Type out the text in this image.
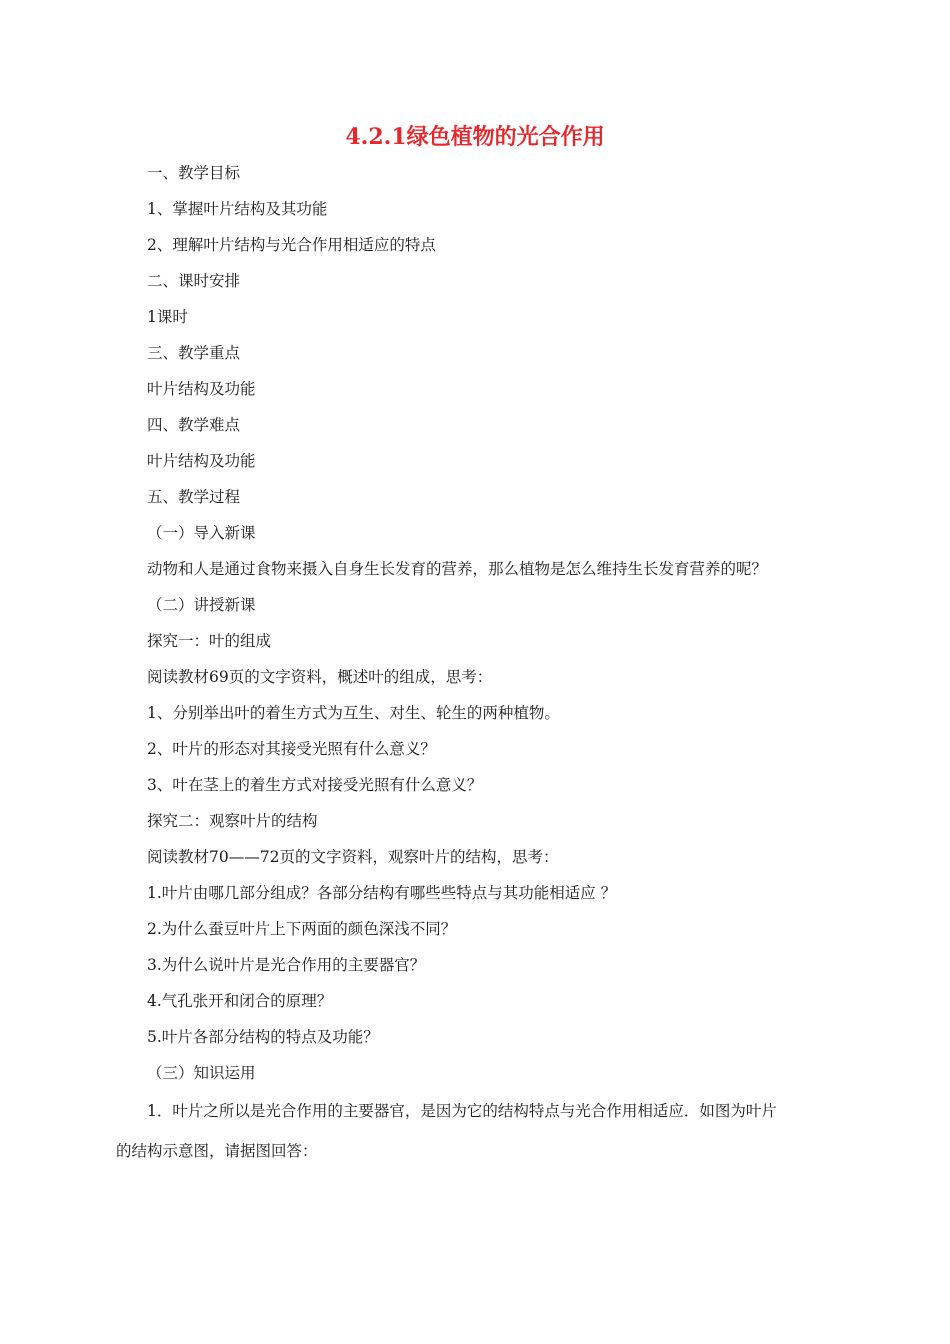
4.2.1绿色植物的光合作用
一、教学目标
1、掌握叶片结构及其功能
2、理解叶片结构与光合作用相适应的特点
二、课时安排
1课时
三、教学重点
叶片结构及功能
四、教学难点
叶片结构及功能
五、教学过程
（一）导入新课
动物和人是通过食物来摄入自身生长发育的营养，那么植物是怎么维持生长发育营养的呢？
（二）讲授新课
探究一：叶的组成
阅读教材69页的文字资料，概述叶的组成，思考：
1、分别举出叶的着生方式为互生、对生、轮生的两种植物。
2、叶片的形态对其接受光照有什么意义？
3、叶在茎上的着生方式对接受光照有什么意义？
探究二：观察叶片的结构
阅读教材70——72页的文字资料，观察叶片的结构，思考：
1.叶片由哪几部分组成？各部分结构有哪些些特点与其功能相适应 ？
2.为什么蚕豆叶片上下两面的颜色深浅不同？
3.为什么说叶片是光合作用的主要器官？
4.气孔张开和闭合的原理？
5.叶片各部分结构的特点及功能？
（三）知识运用
1．叶片之所以是光合作用的主要器官，是因为它的结构特点与光合作用相适应．如图为叶片
的结构示意图，请据图回答：
